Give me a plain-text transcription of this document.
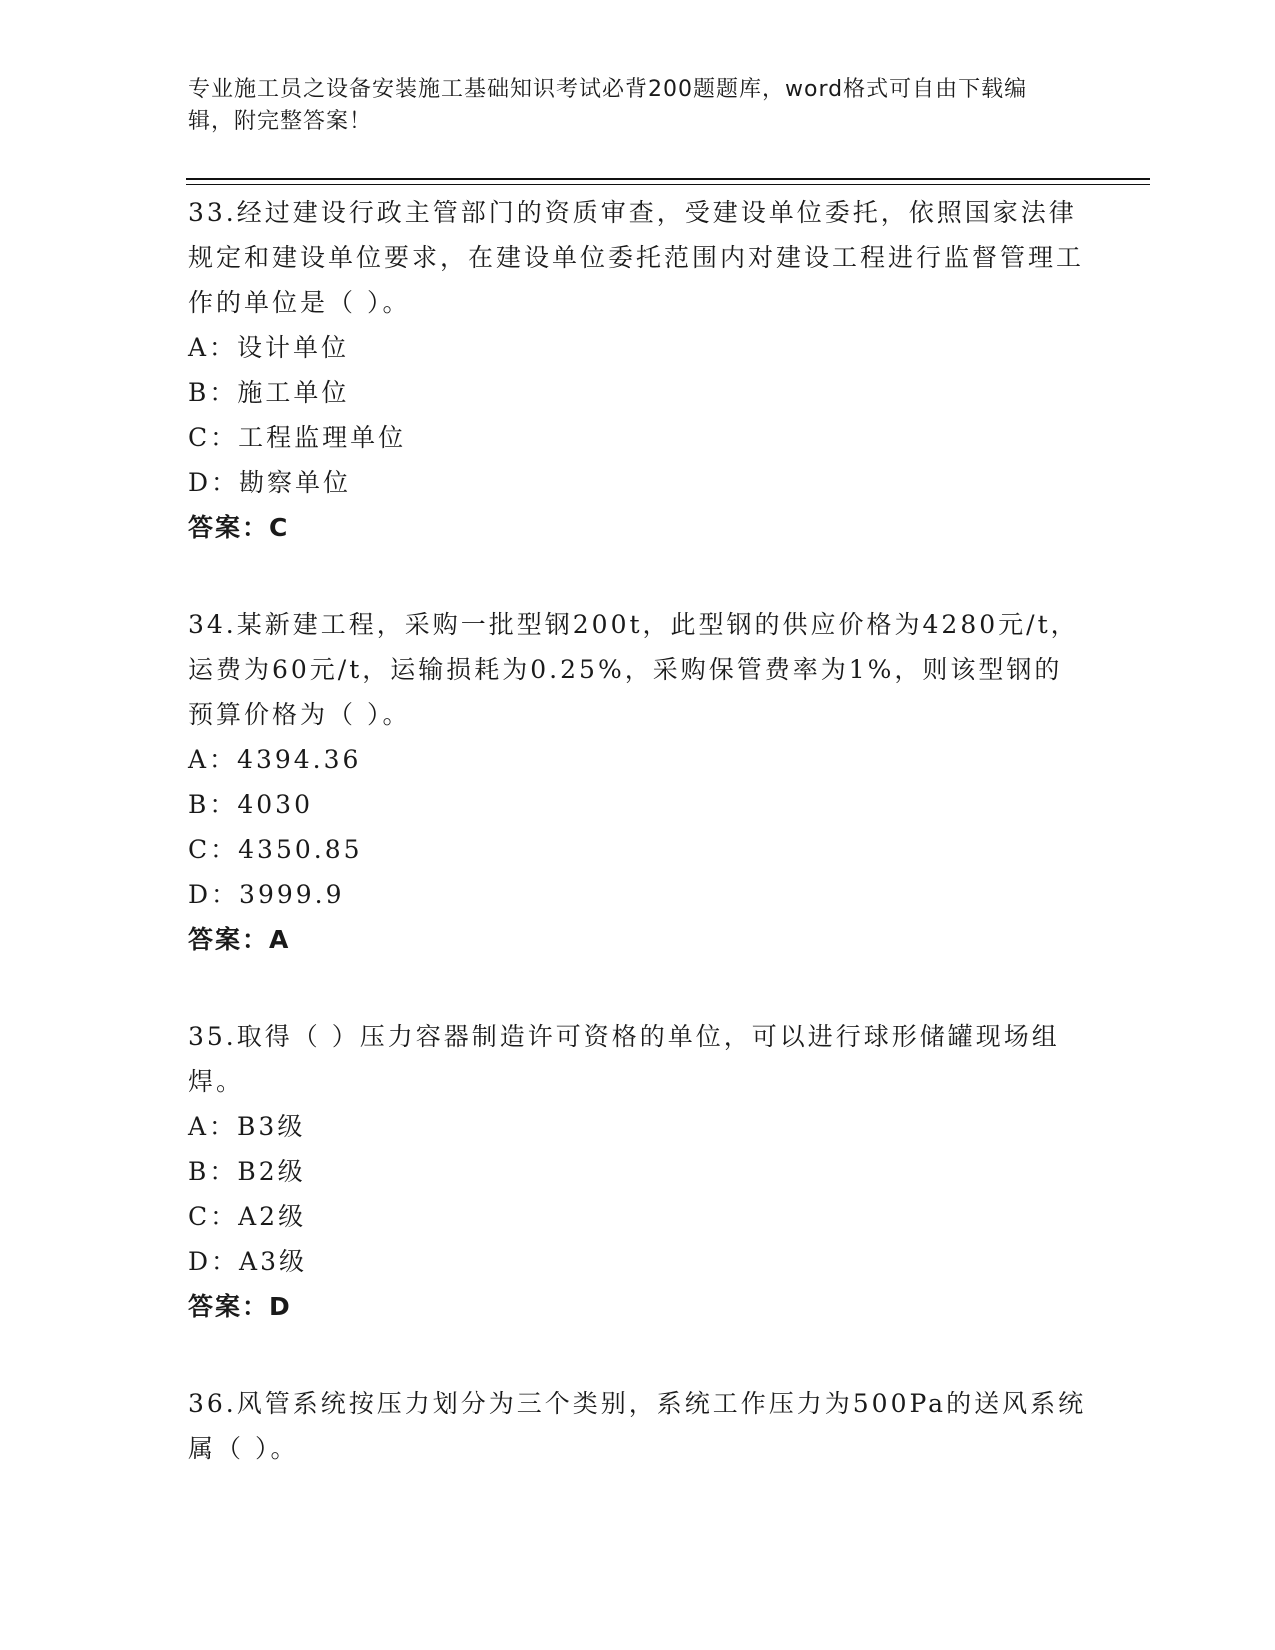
专业施工员之设备安装施工基础知识考试必背200题题库，word格式可自由下载编辑，附完整答案！

33.经过建设行政主管部门的资质审查，受建设单位委托，依照国家法律规定和建设单位要求，在建设单位委托范围内对建设工程进行监督管理工作的单位是（ ）。

A：设计单位

B：施工单位

C：工程监理单位

D：勘察单位

答案：C

34.某新建工程，采购一批型钢200t，此型钢的供应价格为4280元/t，运费为60元/t，运输损耗为0.25%，采购保管费率为1%，则该型钢的预算价格为（ ）。

A：4394.36

B：4030

C：4350.85

D：3999.9

答案：A

35.取得（ ）压力容器制造许可资格的单位，可以进行球形储罐现场组焊。

A：B3级

B：B2级

C：A2级

D：A3级

答案：D

36.风管系统按压力划分为三个类别，系统工作压力为500Pa的送风系统属（ ）。
